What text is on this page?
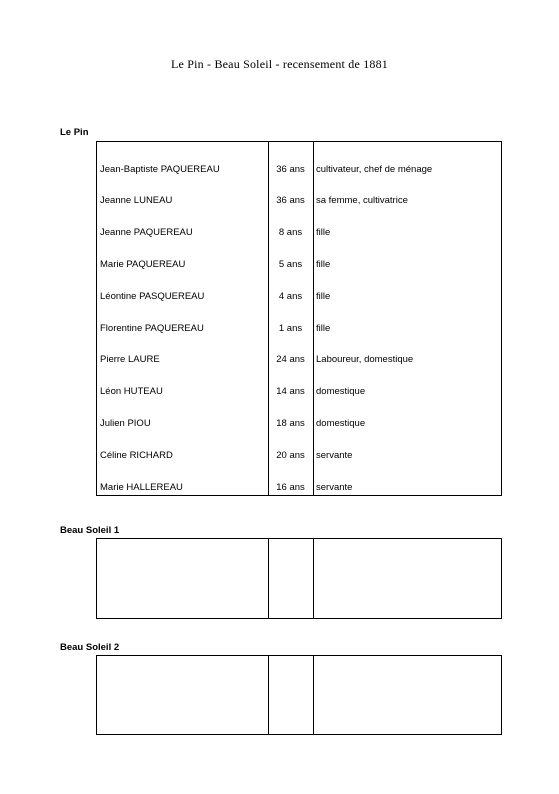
Le Pin - Beau Soleil - recensement de 1881
Le Pin
Jean-Baptiste PAQUEREAU	36 ans	cultivateur, chef de ménage
Jeanne LUNEAU	36 ans	sa femme, cultivatrice
Jeanne PAQUEREAU	8 ans	fille
Marie PAQUEREAU	5 ans	fille
Léontine PASQUEREAU	4 ans	fille
Florentine PAQUEREAU	1 ans	fille
Pierre LAURE	24 ans	Laboureur, domestique
Léon HUTEAU	14 ans	domestique
Julien PIOU	18 ans	domestique
Céline RICHARD	20 ans	servante
Marie HALLEREAU	16 ans	servante
Beau Soleil 1
Beau Soleil 2
